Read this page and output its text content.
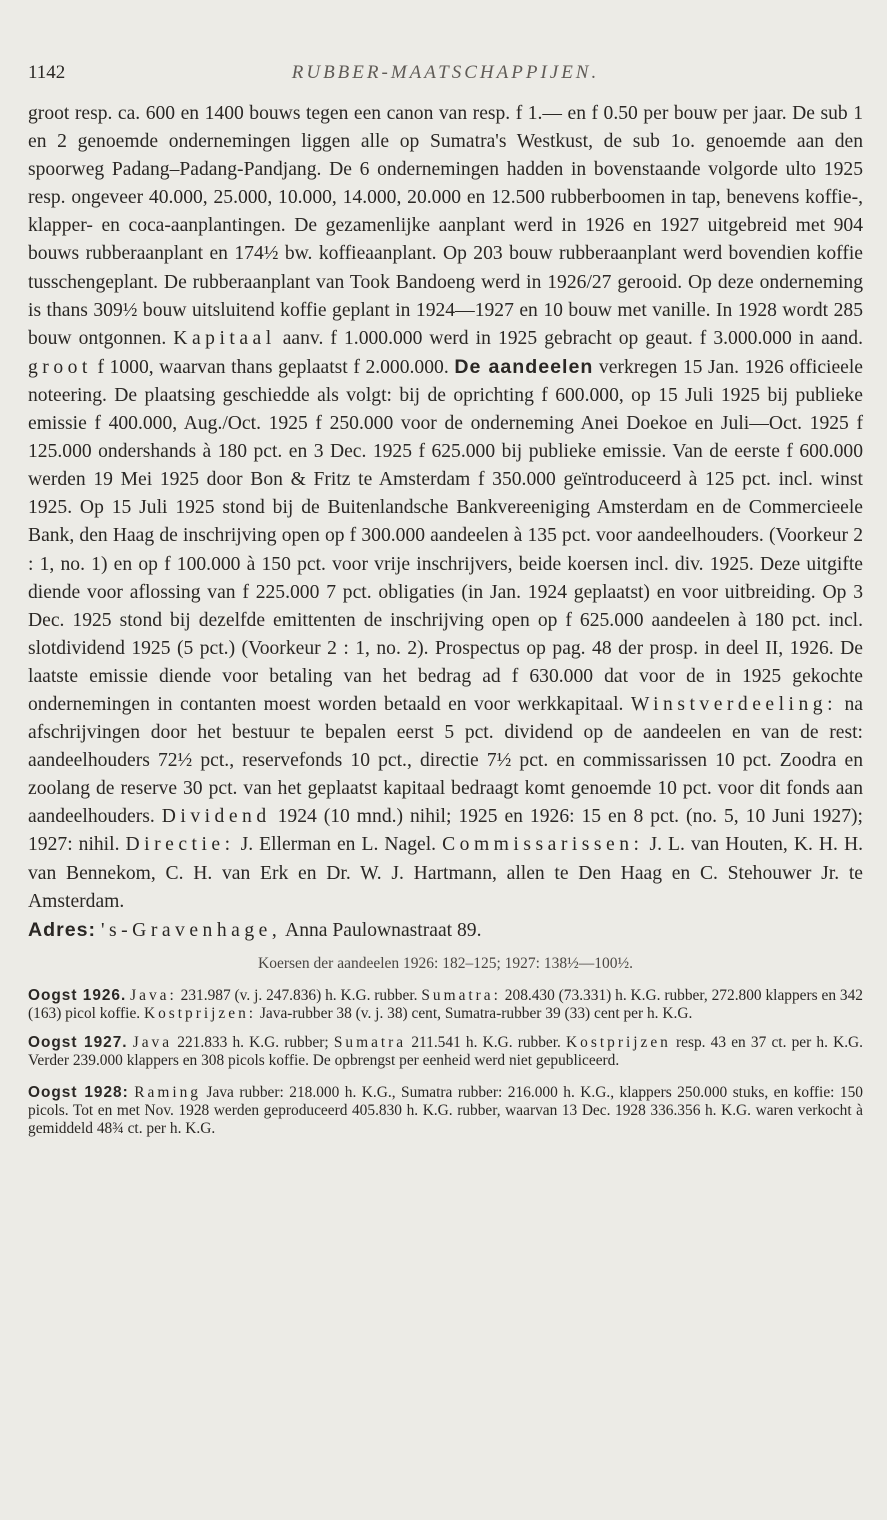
1142	RUBBER-MAATSCHAPPIJEN.

groot resp. ca. 600 en 1400 bouws tegen een canon van resp. f 1.— en f 0.50 per bouw per jaar. De sub 1 en 2 genoemde ondernemingen liggen alle op Sumatra's Westkust, de sub 1o. genoemde aan den spoorweg Padang–Padang-Pandjang. De 6 ondernemingen hadden in bovenstaande volgorde ulto 1925 resp. ongeveer 40.000, 25.000, 10.000, 14.000, 20.000 en 12.500 rubberboomen in tap, benevens koffie-, klapper- en coca-aanplantingen. De gezamenlijke aanplant werd in 1926 en 1927 uitgebreid met 904 bouws rubberaanplant en 174½ bw. koffieaanplant. Op 203 bouw rubberaanplant werd bovendien koffie tusschengeplant. De rubberaanplant van Took Bandoeng werd in 1926/27 gerooid. Op deze onderneming is thans 309½ bouw uitsluitend koffie geplant in 1924—1927 en 10 bouw met vanille. In 1928 wordt 285 bouw ontgonnen. Kapitaal aanv. f 1.000.000 werd in 1925 gebracht op geaut. f 3.000.000 in aand. groot f 1000, waarvan thans geplaatst f 2.000.000. De aandeelen verkregen 15 Jan. 1926 officieele noteering. De plaatsing geschiedde als volgt: bij de oprichting f 600.000, op 15 Juli 1925 bij publieke emissie f 400.000, Aug./Oct. 1925 f 250.000 voor de onderneming Anei Doekoe en Juli—Oct. 1925 f 125.000 ondershands à 180 pct. en 3 Dec. 1925 f 625.000 bij publieke emissie. Van de eerste f 600.000 werden 19 Mei 1925 door Bon & Fritz te Amsterdam f 350.000 geïntroduceerd à 125 pct. incl. winst 1925. Op 15 Juli 1925 stond bij de Buitenlandsche Bankvereeniging Amsterdam en de Commercieele Bank, den Haag de inschrijving open op f 300.000 aandeelen à 135 pct. voor aandeelhouders. (Voorkeur 2 : 1, no. 1) en op f 100.000 à 150 pct. voor vrije inschrijvers, beide koersen incl. div. 1925. Deze uitgifte diende voor aflossing van f 225.000 7 pct. obligaties (in Jan. 1924 geplaatst) en voor uitbreiding. Op 3 Dec. 1925 stond bij dezelfde emittenten de inschrijving open op f 625.000 aandeelen à 180 pct. incl. slotdividend 1925 (5 pct.) (Voorkeur 2 : 1, no. 2). Prospectus op pag. 48 der prosp. in deel II, 1926. De laatste emissie diende voor betaling van het bedrag ad f 630.000 dat voor de in 1925 gekochte ondernemingen in contanten moest worden betaald en voor werkkapitaal. Winstverdeeling: na afschrijvingen door het bestuur te bepalen eerst 5 pct. dividend op de aandeelen en van de rest: aandeelhouders 72½ pct., reservefonds 10 pct., directie 7½ pct. en commissarissen 10 pct. Zoodra en zoolang de reserve 30 pct. van het geplaatst kapitaal bedraagt komt genoemde 10 pct. voor dit fonds aan aandeelhouders. Dividend 1924 (10 mnd.) nihil; 1925 en 1926: 15 en 8 pct. (no. 5, 10 Juni 1927); 1927: nihil. Directie: J. Ellerman en L. Nagel. Commissarissen: J. L. van Houten, K. H. H. van Bennekom, C. H. van Erk en Dr. W. J. Hartmann, allen te Den Haag en C. Stehouwer Jr. te Amsterdam.

Adres: 's-Gravenhage, Anna Paulownastraat 89.

Koersen der aandeelen 1926: 182–125; 1927: 138½—100½.

Oogst 1926. Java: 231.987 (v. j. 247.836) h. K.G. rubber. Sumatra: 208.430 (73.331) h. K.G. rubber, 272.800 klappers en 342 (163) picol koffie. Kostprijzen: Java-rubber 38 (v. j. 38) cent, Sumatra-rubber 39 (33) cent per h. K.G.

Oogst 1927. Java 221.833 h. K.G. rubber; Sumatra 211.541 h. K.G. rubber. Kostprijzen resp. 43 en 37 ct. per h. K.G. Verder 239.000 klappers en 308 picols koffie. De opbrengst per eenheid werd niet gepubliceerd.

Oogst 1928: Raming Java rubber: 218.000 h. K.G., Sumatra rubber: 216.000 h. K.G., klappers 250.000 stuks, en koffie: 150 picols. Tot en met Nov. 1928 werden geproduceerd 405.830 h. K.G. rubber, waarvan 13 Dec. 1928 336.356 h. K.G. waren verkocht à gemiddeld 48¾ ct. per h. K.G.
